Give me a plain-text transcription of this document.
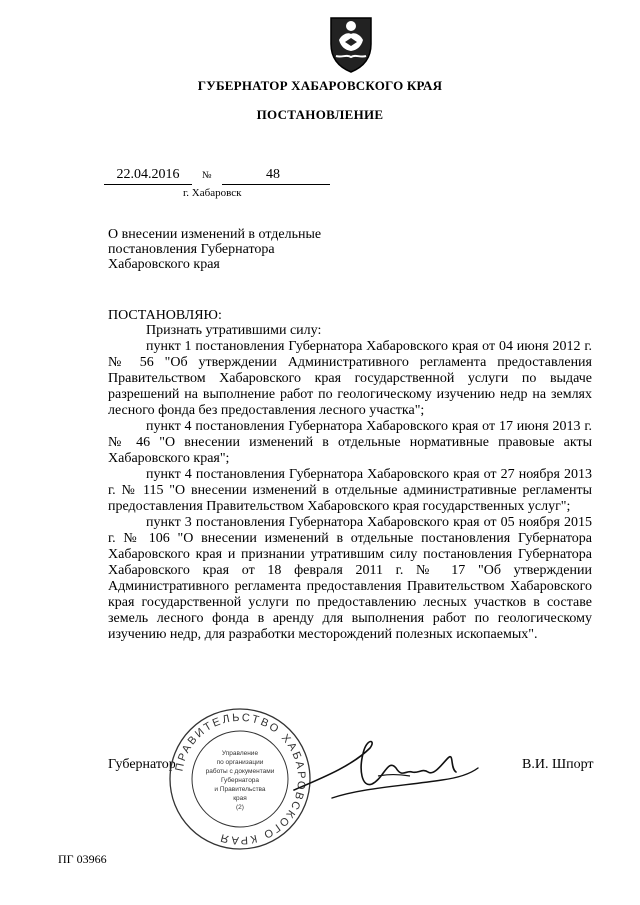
ГУБЕРНАТОР ХАБАРОВСКОГО КРАЯ
ПОСТАНОВЛЕНИЕ
22.04.2016	№	48
г. Хабаровск
О внесении изменений в отдельные постановления Губернатора Хабаровского края
ПОСТАНОВЛЯЮ:

Признать утратившими силу:

пункт 1 постановления Губернатора Хабаровского края от 04 июня 2012 г. № 56 "Об утверждении Административного регламента предоставления Правительством Хабаровского края государственной услуги по выдаче разрешений на выполнение работ по геологическому изучению недр на землях лесного фонда без предоставления лесного участка";

пункт 4 постановления Губернатора Хабаровского края от 17 июня 2013 г. № 46 "О внесении изменений в отдельные нормативные правовые акты Хабаровского края";

пункт 4 постановления Губернатора Хабаровского края от 27 ноября 2013 г. № 115 "О внесении изменений в отдельные административные регламенты предоставления Правительством Хабаровского края государственных услуг";

пункт 3 постановления Губернатора Хабаровского края от 05 ноября 2015 г. № 106 "О внесении изменений в отдельные постановления Губернатора Хабаровского края и признании утратившим силу постановления Губернатора Хабаровского края от 18 февраля 2011 г. № 17 "Об утверждении Административного регламента предоставления Правительством Хабаровского края государственной услуги по предоставлению лесных участков в составе земель лесного фонда в аренду для выполнения работ по геологическому изучению недр, для разработки месторождений полезных ископаемых".

Губернатор	В.И. Шпорт
ПРАВИТЕЛЬСТВО ХАБАРОВСКОГО КРАЯ
Управление
по организации
работы с документами
Губернатора
и Правительства
края
(2)
ПГ 03966
